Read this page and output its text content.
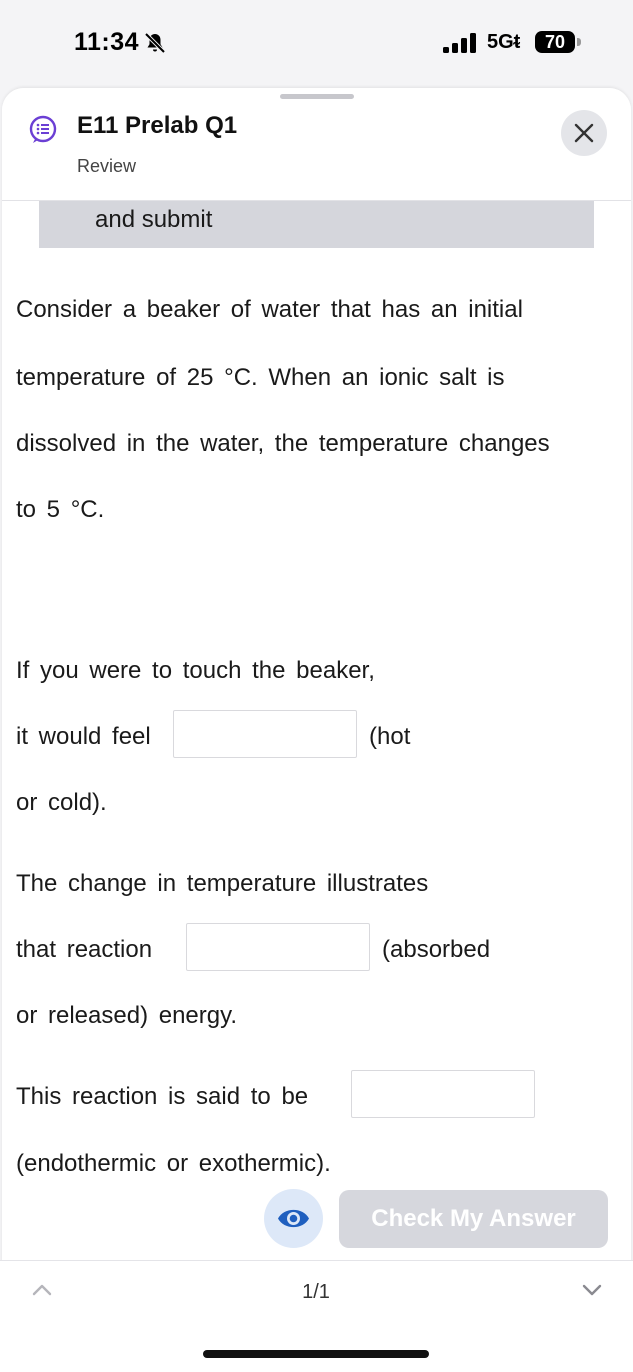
11:34	5Gᵵ	70
E11 Prelab Q1
Review
and submit
Consider a beaker of water that has an initial
temperature of 25 °C. When an ionic salt is
dissolved in the water, the temperature changes
to 5 °C.
If you were to touch the beaker,
it would feel	(hot
or cold).
The change in temperature illustrates
that reaction	(absorbed
or released) energy.
This reaction is said to be
(endothermic or exothermic).
Check My Answer
1/1
